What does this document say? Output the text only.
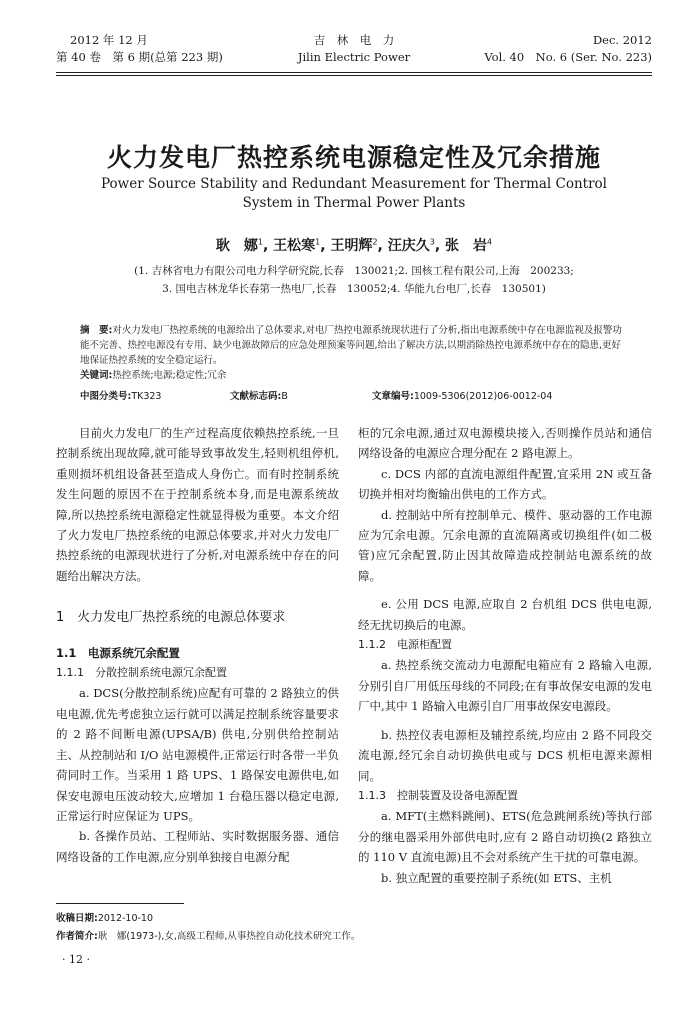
2012 年 12 月
第 40 卷　第 6 期(总第 223 期)
吉　林　电　力
Jilin Electric Power
Dec. 2012
Vol. 40　No. 6 (Ser. No. 223)
火力发电厂热控系统电源稳定性及冗余措施
Power Source Stability and Redundant Measurement for Thermal Control
System in Thermal Power Plants
耿　娜$^1$, 王松寒$^1$, 王明辉$^2$, 汪庆久$^3$, 张　岩$^4$
(1. 吉林省电力有限公司电力科学研究院,长春　130021;2. 国核工程有限公司,上海　200233;
3. 国电吉林龙华长春第一热电厂,长春　130052;4. 华能九台电厂,长春　130501)
摘　要:对火力发电厂热控系统的电源给出了总体要求,对电厂热控电源系统现状进行了分析,指出电源系统中存在电源监视及报警功能不完善、热控电源没有专用、缺少电源故障后的应急处理预案等问题,给出了解决方法,以期消除热控电源系统中存在的隐患,更好地保证热控系统的安全稳定运行。
关键词:热控系统;电源;稳定性;冗余
中图分类号:TK323	文献标志码:B	文章编号:1009-5306(2012)06-0012-04

目前火力发电厂的生产过程高度依赖热控系统,一旦控制系统出现故障,就可能导致事故发生,轻则机组停机,重则损坏机组设备甚至造成人身伤亡。而有时控制系统发生问题的原因不在于控制系统本身,而是电源系统故障,所以热控系统电源稳定性就显得极为重要。本文介绍了火力发电厂热控系统的电源总体要求,并对火力发电厂热控系统的电源现状进行了分析,对电源系统中存在的问题给出解决方法。

1　火力发电厂热控系统的电源总体要求
1.1　电源系统冗余配置
1.1.1　分散控制系统电源冗余配置

a. DCS(分散控制系统)应配有可靠的 2 路独立的供电电源,优先考虑独立运行就可以满足控制系统容量要求的 2 路不间断电源(UPSA/B) 供电,分别供给控制站主、从控制站和 I/O 站电源模件,正常运行时各带一半负荷同时工作。当采用 1 路 UPS、1 路保安电源供电,如保安电源电压波动较大,应增加 1 台稳压器以稳定电源,正常运行时应保证为 UPS。

b. 各操作员站、工程师站、实时数据服务器、通信网络设备的工作电源,应分别单独接自电源分配

柜的冗余电源,通过双电源模块接入,否则操作员站和通信网络设备的电源应合理分配在 2 路电源上。

c. DCS 内部的直流电源组件配置,宜采用 2N 或互备切换并相对均衡输出供电的工作方式。

d. 控制站中所有控制单元、模件、驱动器的工作电源应为冗余电源。冗余电源的直流隔离或切换组件(如二极管)应冗余配置,防止因其故障造成控制站电源系统的故障。

e. 公用 DCS 电源,应取自 2 台机组 DCS 供电电源,经无扰切换后的电源。

1.1.2　电源柜配置

a. 热控系统交流动力电源配电箱应有 2 路输入电源,分别引自厂用低压母线的不同段;在有事故保安电源的发电厂中,其中 1 路输入电源引自厂用事故保安电源段。

b. 热控仪表电源柜及辅控系统,均应由 2 路不同段交流电源,经冗余自动切换供电或与 DCS 机柜电源来源相同。

1.1.3　控制装置及设备电源配置

a. MFT(主燃料跳闸)、ETS(危急跳闸系统)等执行部分的继电器采用外部供电时,应有 2 路自动切换(2 路独立的 110 V 直流电源)且不会对系统产生干扰的可靠电源。

b. 独立配置的重要控制子系统(如 ETS、主机

收稿日期:2012-10-10
作者简介:耿　娜(1973-),女,高级工程师,从事热控自动化技术研究工作。
· 12 ·
